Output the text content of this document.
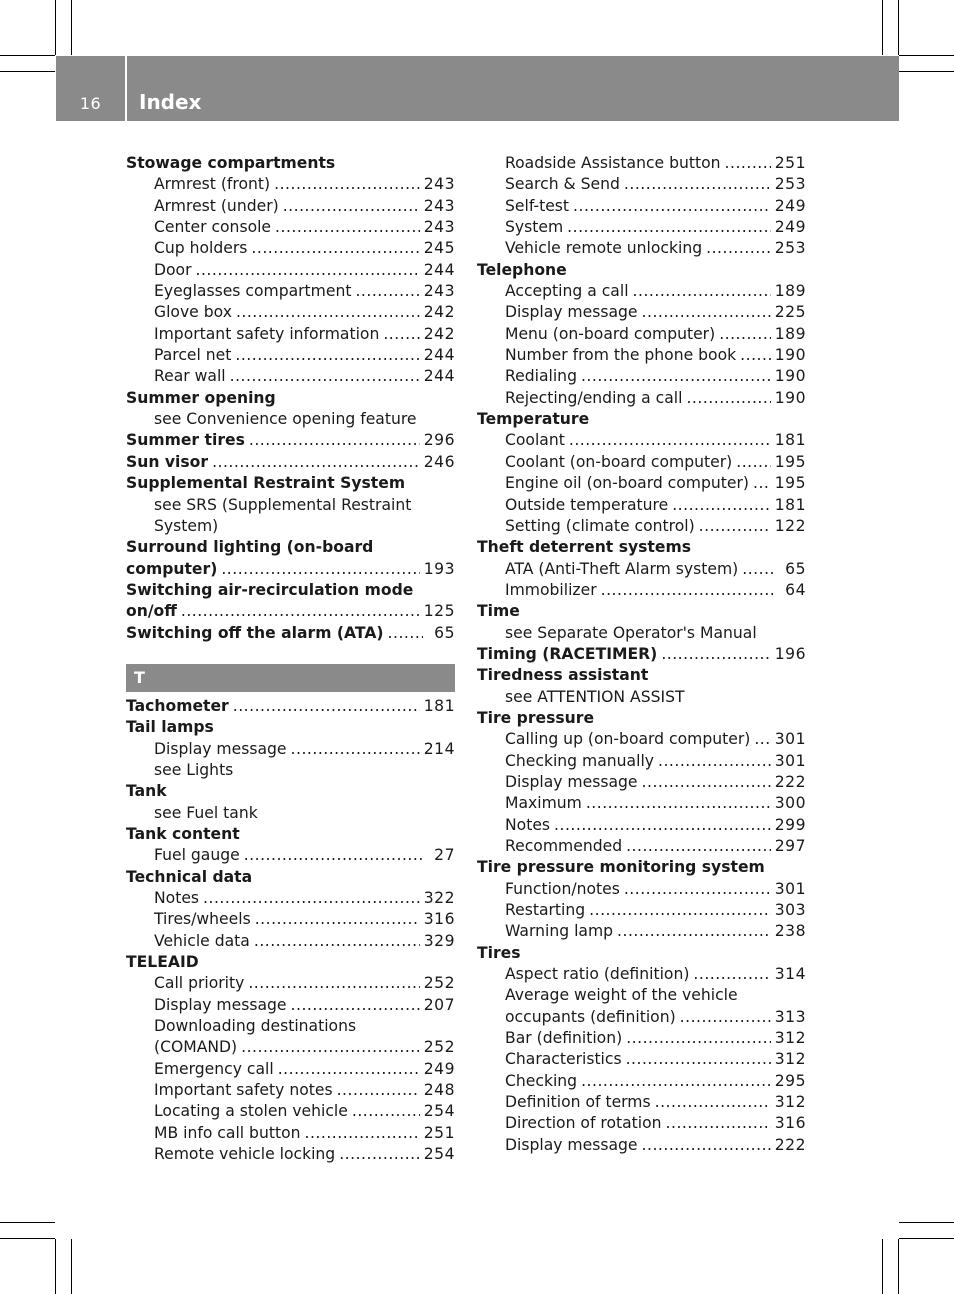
16	Index
Stowage compartments
Armrest (front) .....	243
Armrest (under) .....	243
Center console .....	243
Cup holders .....	245
Door .....	244
Eyeglasses compartment .....	243
Glove box .....	242
Important safety information .....	242
Parcel net .....	244
Rear wall .....	244
Summer opening
see Convenience opening feature
Summer tires .....	296
Sun visor .....	246
Supplemental Restraint System
see SRS (Supplemental Restraint
System)
Surround lighting (on-board
computer) .....	193
Switching air-recirculation mode
on/off .....	125
Switching off the alarm (ATA) .....	65
T
Tachometer .....	181
Tail lamps
Display message .....	214
see Lights
Tank
see Fuel tank
Tank content
Fuel gauge .....	27
Technical data
Notes .....	322
Tires/wheels .....	316
Vehicle data .....	329
TELEAID
Call priority .....	252
Display message .....	207
Downloading destinations
(COMAND) .....	252
Emergency call .....	249
Important safety notes .....	248
Locating a stolen vehicle .....	254
MB info call button .....	251
Remote vehicle locking .....	254
Roadside Assistance button .....	251
Search & Send .....	253
Self-test .....	249
System .....	249
Vehicle remote unlocking .....	253
Telephone
Accepting a call .....	189
Display message .....	225
Menu (on-board computer) .....	189
Number from the phone book ..... 190
Redialing .....	190
Rejecting/ending a call .....	190
Temperature
Coolant .....	181
Coolant (on-board computer) .....	195
Engine oil (on-board computer) ..... 195
Outside temperature .....	181
Setting (climate control) .....	122
Theft deterrent systems
ATA (Anti-Theft Alarm system) .....	65
Immobilizer .....	64
Time
see Separate Operator's Manual
Timing (RACETIMER) .....	196
Tiredness assistant
see ATTENTION ASSIST
Tire pressure
Calling up (on-board computer) ..... 301
Checking manually .....	301
Display message .....	222
Maximum .....	300
Notes .....	299
Recommended .....	297
Tire pressure monitoring system
Function/notes .....	301
Restarting .....	303
Warning lamp .....	238
Tires
Aspect ratio (definition) .....	314
Average weight of the vehicle
occupants (definition) .....	313
Bar (definition) .....	312
Characteristics .....	312
Checking .....	295
Definition of terms .....	312
Direction of rotation .....	316
Display message .....	222
